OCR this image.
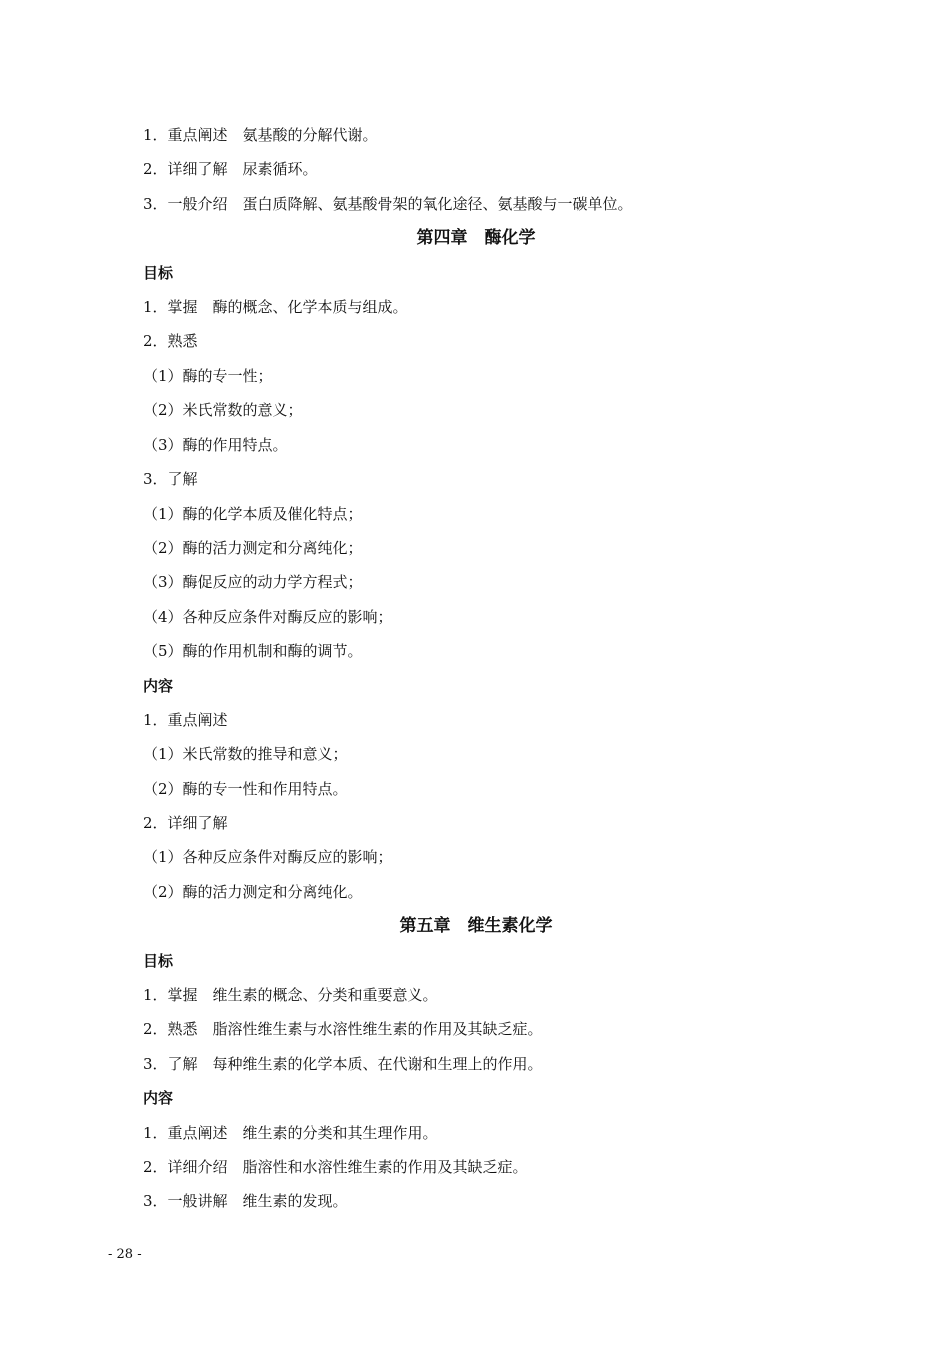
1．重点阐述　氨基酸的分解代谢。
2．详细了解　尿素循环。
3．一般介绍　蛋白质降解、氨基酸骨架的氧化途径、氨基酸与一碳单位。
第四章　酶化学
目标
1．掌握　酶的概念、化学本质与组成。
2．熟悉
（1）酶的专一性；
（2）米氏常数的意义；
（3）酶的作用特点。
3．了解
（1）酶的化学本质及催化特点；
（2）酶的活力测定和分离纯化；
（3）酶促反应的动力学方程式；
（4）各种反应条件对酶反应的影响；
（5）酶的作用机制和酶的调节。
内容
1．重点阐述
（1）米氏常数的推导和意义；
（2）酶的专一性和作用特点。
2．详细了解
（1）各种反应条件对酶反应的影响；
（2）酶的活力测定和分离纯化。
第五章　维生素化学
目标
1．掌握　维生素的概念、分类和重要意义。
2．熟悉　脂溶性维生素与水溶性维生素的作用及其缺乏症。
3．了解　每种维生素的化学本质、在代谢和生理上的作用。
内容
1．重点阐述　维生素的分类和其生理作用。
2．详细介绍　脂溶性和水溶性维生素的作用及其缺乏症。
3．一般讲解　维生素的发现。
- 28 -
